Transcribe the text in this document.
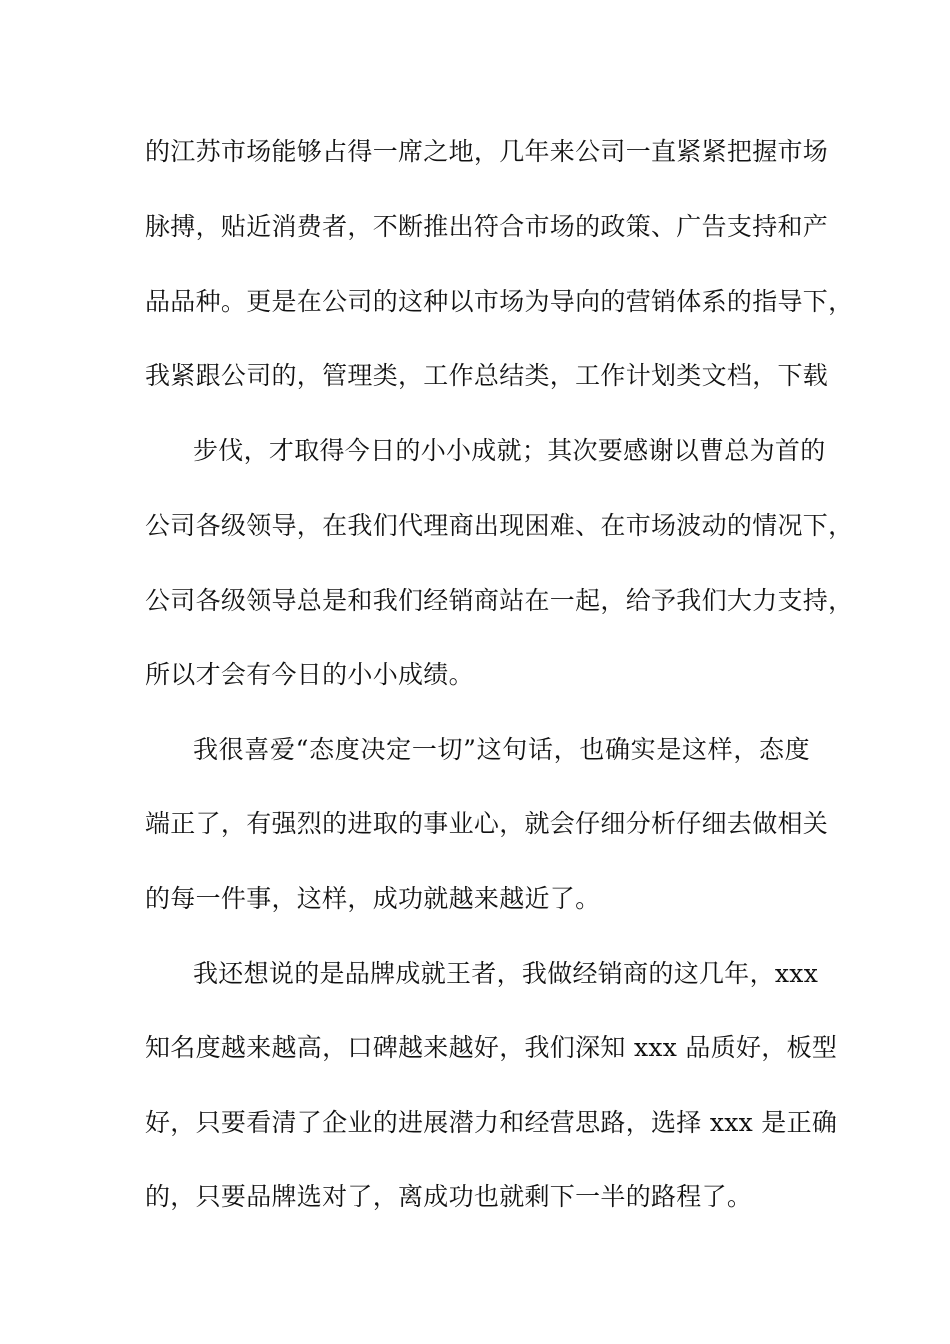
的江苏市场能够占得一席之地，几年来公司一直紧紧把握市场
脉搏，贴近消费者，不断推出符合市场的政策、广告支持和产
品品种。更是在公司的这种以市场为导向的营销体系的指导下，
我紧跟公司的，管理类，工作总结类，工作计划类文档，下载
步伐，才取得今日的小小成就；其次要感谢以曹总为首的
公司各级领导，在我们代理商出现困难、在市场波动的情况下，
公司各级领导总是和我们经销商站在一起，给予我们大力支持，
所以才会有今日的小小成绩。
我很喜爱“态度决定一切”这句话，也确实是这样，态度
端正了，有强烈的进取的事业心，就会仔细分析仔细去做相关
的每一件事，这样，成功就越来越近了。
我还想说的是品牌成就王者，我做经销商的这几年，xxx
知名度越来越高，口碑越来越好，我们深知 xxx 品质好，板型
好，只要看清了企业的进展潜力和经营思路，选择 xxx 是正确
的，只要品牌选对了，离成功也就剩下一半的路程了。
